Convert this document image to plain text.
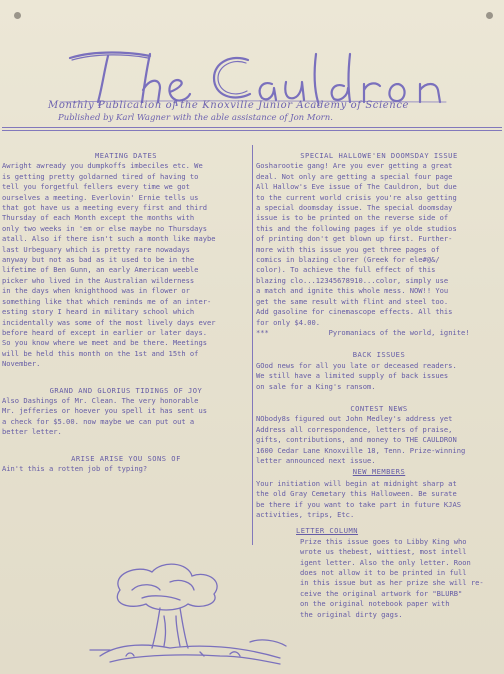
Monthly Publication of the Knoxville Junior Academy of Science
Published by Karl Wagner with the able assistance of Jon Morn.

MEATING DATES

Awright awready you dumpkoffs imbeciles etc. We

is getting pretty goldarned tired of having to

tell you forgetful fellers every time we got

ourselves a meeting. Everlovin' Ernie tells us

that got have us a meeting every first and third

Thursday of each Month except the months with

only two weeks in 'em or else maybe no Thursdays

atall. Also if there isn't such a month like maybe

last Urbeguary which is pretty rare nowadays

anyway but not as bad as it used to be in the

lifetime of Ben Gunn, an early American weeble

picker who lived in the Australian wilderness

in the days when knighthood was in flower or

something like that which reminds me of an inter-

esting story I heard in military school which

incidentally was some of the most lively days ever

before heard of except in earlier or later days.

So you know where we meet and be there. Meetings

will be held this month on the 1st and 15th of

November.

GRAND AND GLORIUS TIDINGS OF JOY

Also Dashings of Mr. Clean. The very honorable

Mr. jefferies or hoever you spell it has sent us

a check for $5.00. now maybe we can put out a

better letter.

ARISE ARISE YOU SONS OF

Ain't this a rotten job of typing?

SPECIAL HALLOWE'EN DOOMSDAY ISSUE

Gosharootie gang! Are you ever getting a great

deal. Not only are getting a special four page

All Hallow's Eve issue of The Cauldron, but due

to the current world crisis you're also getting

a special doomsday issue. The special doomsday

issue is to be printed on the reverse side of

this and the following pages if ye olde studios

of printing don't get blown up first. Further-

more with this issue you get three pages of

comics in blazing clorer (Greek for ele#@&/

color). To achieve the full effect of this

blazing clo...12345678910...color, simply use

a match and ignite this whole mess. NOW!! You

get the same result with flint and steel too.

Add gasoline for cinemascope effects. All this

for only $4.00.

***	Pyromaniacs of the world, ignite!

BACK ISSUES

GOod news for all you late or deceased readers.

We still have a limited supply of back issues

on sale for a King's ransom.

CONTEST NEWS

NObody8s figured out John Medley's address yet

Address all correspondence, letters of praise,

gifts, contributions, and money to THE CAULDRON

1600 Cedar Lane Knoxville 18, Tenn. Prize-winning

letter announced next issue.

NEW MEMBERS

Your initiation will begin at midnight sharp at

the old Gray Cemetary this Halloween. Be surate

be there if you want to take part in future KJAS

activities, trips, Etc.

LETTER COLUMN

Prize this issue goes to Libby King who

wrote us thebest, wittiest, most intell

igent letter. Also the only letter. Roon

does not allow it to be printed in full

in this issue but as her prize she will re-

ceive the original artwork for "BLURB"

on the original notebook paper with

the original dirty gags.
